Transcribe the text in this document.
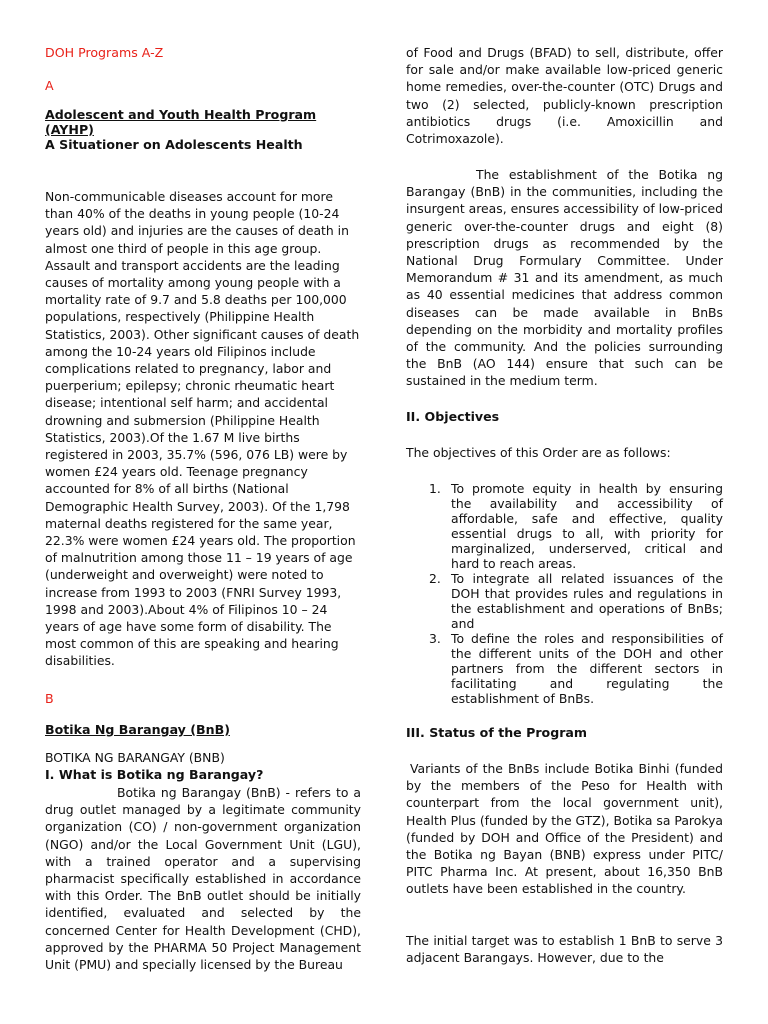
DOH Programs A-Z

A

Adolescent and Youth Health Program (AYHP)

A Situationer on Adolescents Health

Non-communicable diseases account for more than 40% of the deaths in young people (10-24 years old) and injuries are the causes of death in almost one third of people in this age group. Assault and transport accidents are the leading causes of mortality among young people with a mortality rate of 9.7 and 5.8 deaths per 100,000 populations, respectively (Philippine Health Statistics, 2003). Other significant causes of death among the 10-24 years old Filipinos include complications related to pregnancy, labor and puerperium; epilepsy; chronic rheumatic heart disease; intentional self harm; and accidental drowning and submersion (Philippine Health Statistics, 2003).Of the 1.67 M live births registered in 2003, 35.7% (596, 076 LB) were by women £24 years old. Teenage pregnancy accounted for 8% of all births (National Demographic Health Survey, 2003). Of the 1,798 maternal deaths registered for the same year, 22.3% were women £24 years old. The proportion of malnutrition among those 11 – 19 years of age (underweight and overweight) were noted to increase from 1993 to 2003 (FNRI Survey 1993, 1998 and 2003).About 4% of Filipinos 10 – 24 years of age have some form of disability. The most common of this are speaking and hearing disabilities.

B

Botika Ng Barangay (BnB)

BOTIKA NG BARANGAY (BNB)

I. What is Botika ng Barangay?

Botika ng Barangay (BnB) - refers to a drug outlet managed by a legitimate community organization (CO) / non-government organization (NGO) and/or the Local Government Unit (LGU), with a trained operator and a supervising pharmacist specifically established in accordance with this Order. The BnB outlet should be initially identified, evaluated and selected by the concerned Center for Health Development (CHD), approved by the PHARMA 50 Project Management Unit (PMU) and specially licensed by the Bureau

of Food and Drugs (BFAD) to sell, distribute, offer for sale and/or make available low-priced generic home remedies, over-the-counter (OTC) Drugs and two (2) selected, publicly-known prescription antibiotics drugs (i.e. Amoxicillin and Cotrimoxazole).

The establishment of the Botika ng Barangay (BnB) in the communities, including the insurgent areas, ensures accessibility of low-priced generic over-the-counter drugs and eight (8) prescription drugs as recommended by the National Drug Formulary Committee. Under Memorandum # 31 and its amendment, as much as 40 essential medicines that address common diseases can be made available in BnBs depending on the morbidity and mortality profiles of the community. And the policies surrounding the BnB (AO 144) ensure that such can be sustained in the medium term.

II. Objectives

The objectives of this Order are as follows:

1. To promote equity in health by ensuring the availability and accessibility of affordable, safe and effective, quality essential drugs to all, with priority for marginalized, underserved, critical and hard to reach areas.
2. To integrate all related issuances of the DOH that provides rules and regulations in the establishment and operations of BnBs; and
3. To define the roles and responsibilities of the different units of the DOH and other partners from the different sectors in facilitating and regulating the establishment of BnBs.

III. Status of the Program

Variants of the BnBs include Botika Binhi (funded by the members of the Peso for Health with counterpart from the local government unit), Health Plus (funded by the GTZ), Botika sa Parokya (funded by DOH and Office of the President) and the Botika ng Bayan (BNB) express under PITC/ PITC Pharma Inc. At present, about 16,350 BnB outlets have been established in the country.

The initial target was to establish 1 BnB to serve 3 adjacent Barangays. However, due to the
